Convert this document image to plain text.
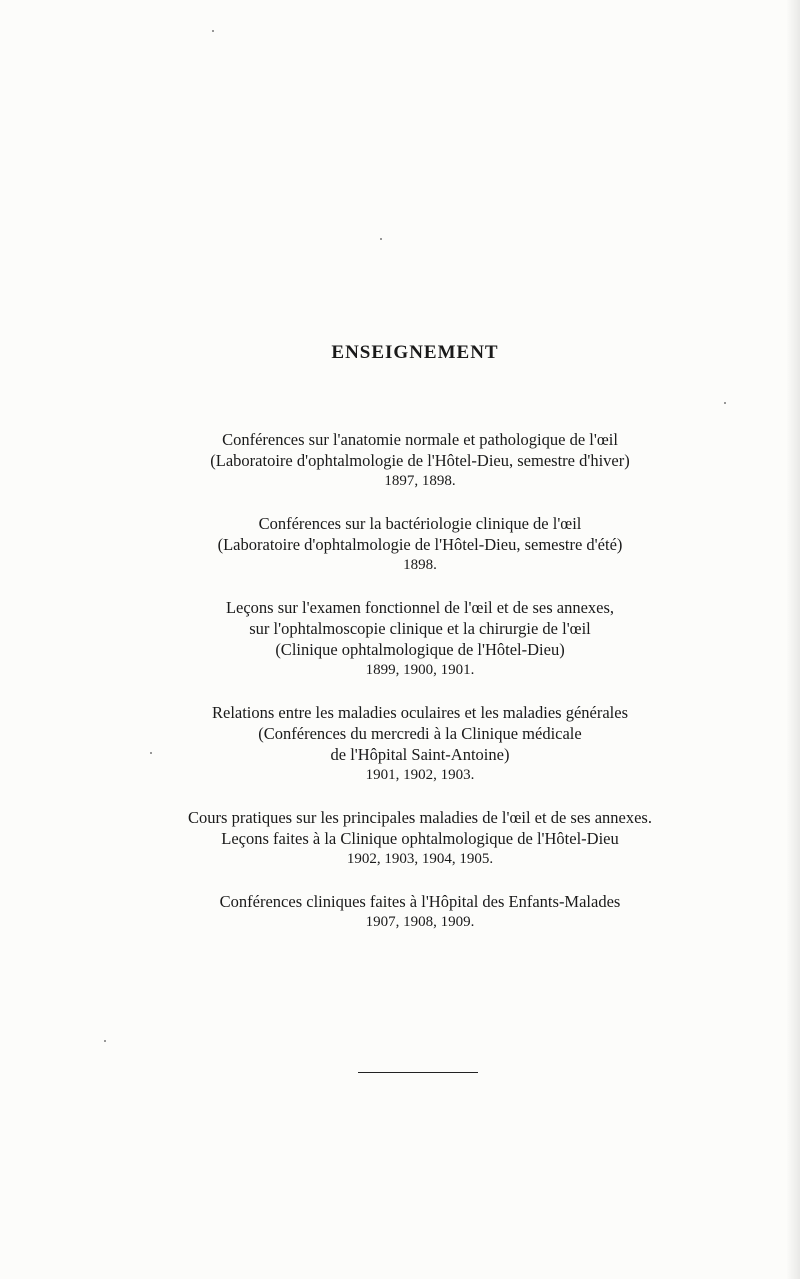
ENSEIGNEMENT
Conférences sur l'anatomie normale et pathologique de l'œil
(Laboratoire d'ophtalmologie de l'Hôtel-Dieu, semestre d'hiver)
1897, 1898.
Conférences sur la bactériologie clinique de l'œil
(Laboratoire d'ophtalmologie de l'Hôtel-Dieu, semestre d'été)
1898.
Leçons sur l'examen fonctionnel de l'œil et de ses annexes,
sur l'ophtalmoscopie clinique et la chirurgie de l'œil
(Clinique ophtalmologique de l'Hôtel-Dieu)
1899, 1900, 1901.
Relations entre les maladies oculaires et les maladies générales
(Conférences du mercredi à la Clinique médicale
de l'Hôpital Saint-Antoine)
1901, 1902, 1903.
Cours pratiques sur les principales maladies de l'œil et de ses annexes.
Leçons faites à la Clinique ophtalmologique de l'Hôtel-Dieu
1902, 1903, 1904, 1905.
Conférences cliniques faites à l'Hôpital des Enfants-Malades
1907, 1908, 1909.
